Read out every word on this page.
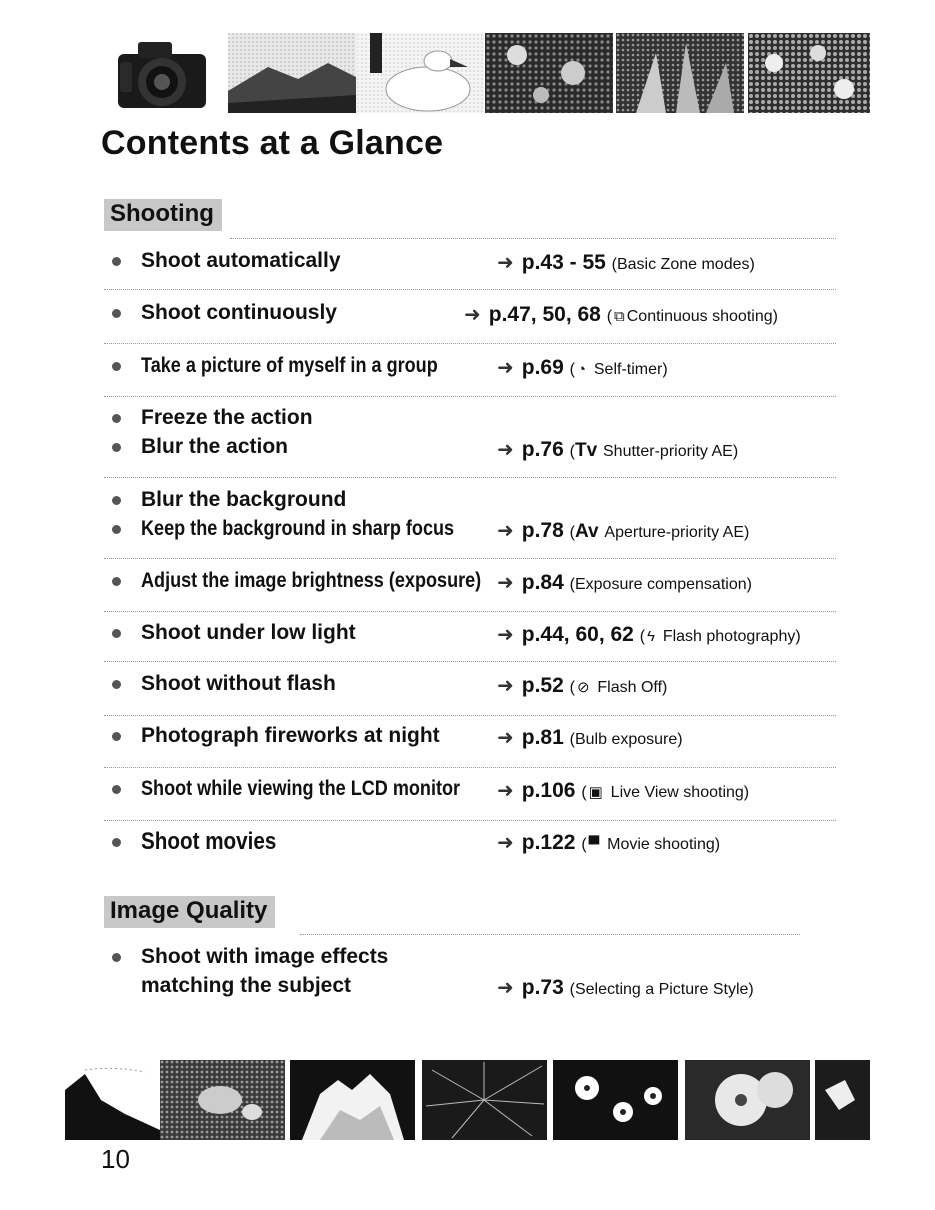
Contents at a Glance
Shooting
Shoot automatically	➜ p.43 - 55 (Basic Zone modes)
Shoot continuously	➜ p.47, 50, 68 ( ⧉ Continuous shooting)
Take a picture of myself in a group	➜ p.69 ( ◔ Self-timer)
Freeze the action
Blur the action	➜ p.76 (Tv Shutter-priority AE)
Blur the background
Keep the background in sharp focus ➜ p.78 (Av Aperture-priority AE)
Adjust the image brightness (exposure) ➜ p.84 (Exposure compensation)
Shoot under low light	➜ p.44, 60, 62 ( ϟ Flash photography)
Shoot without flash	➜ p.52 ( ⊘ Flash Off)
Photograph fireworks at night	➜ p.81 (Bulb exposure)
Shoot while viewing the LCD monitor ➜ p.106 ( ▣ Live View shooting)
Shoot movies	➜ p.122 ( ▀ Movie shooting)
Image Quality
Shoot with image effects
matching the subject	➜ p.73 (Selecting a Picture Style)
10
